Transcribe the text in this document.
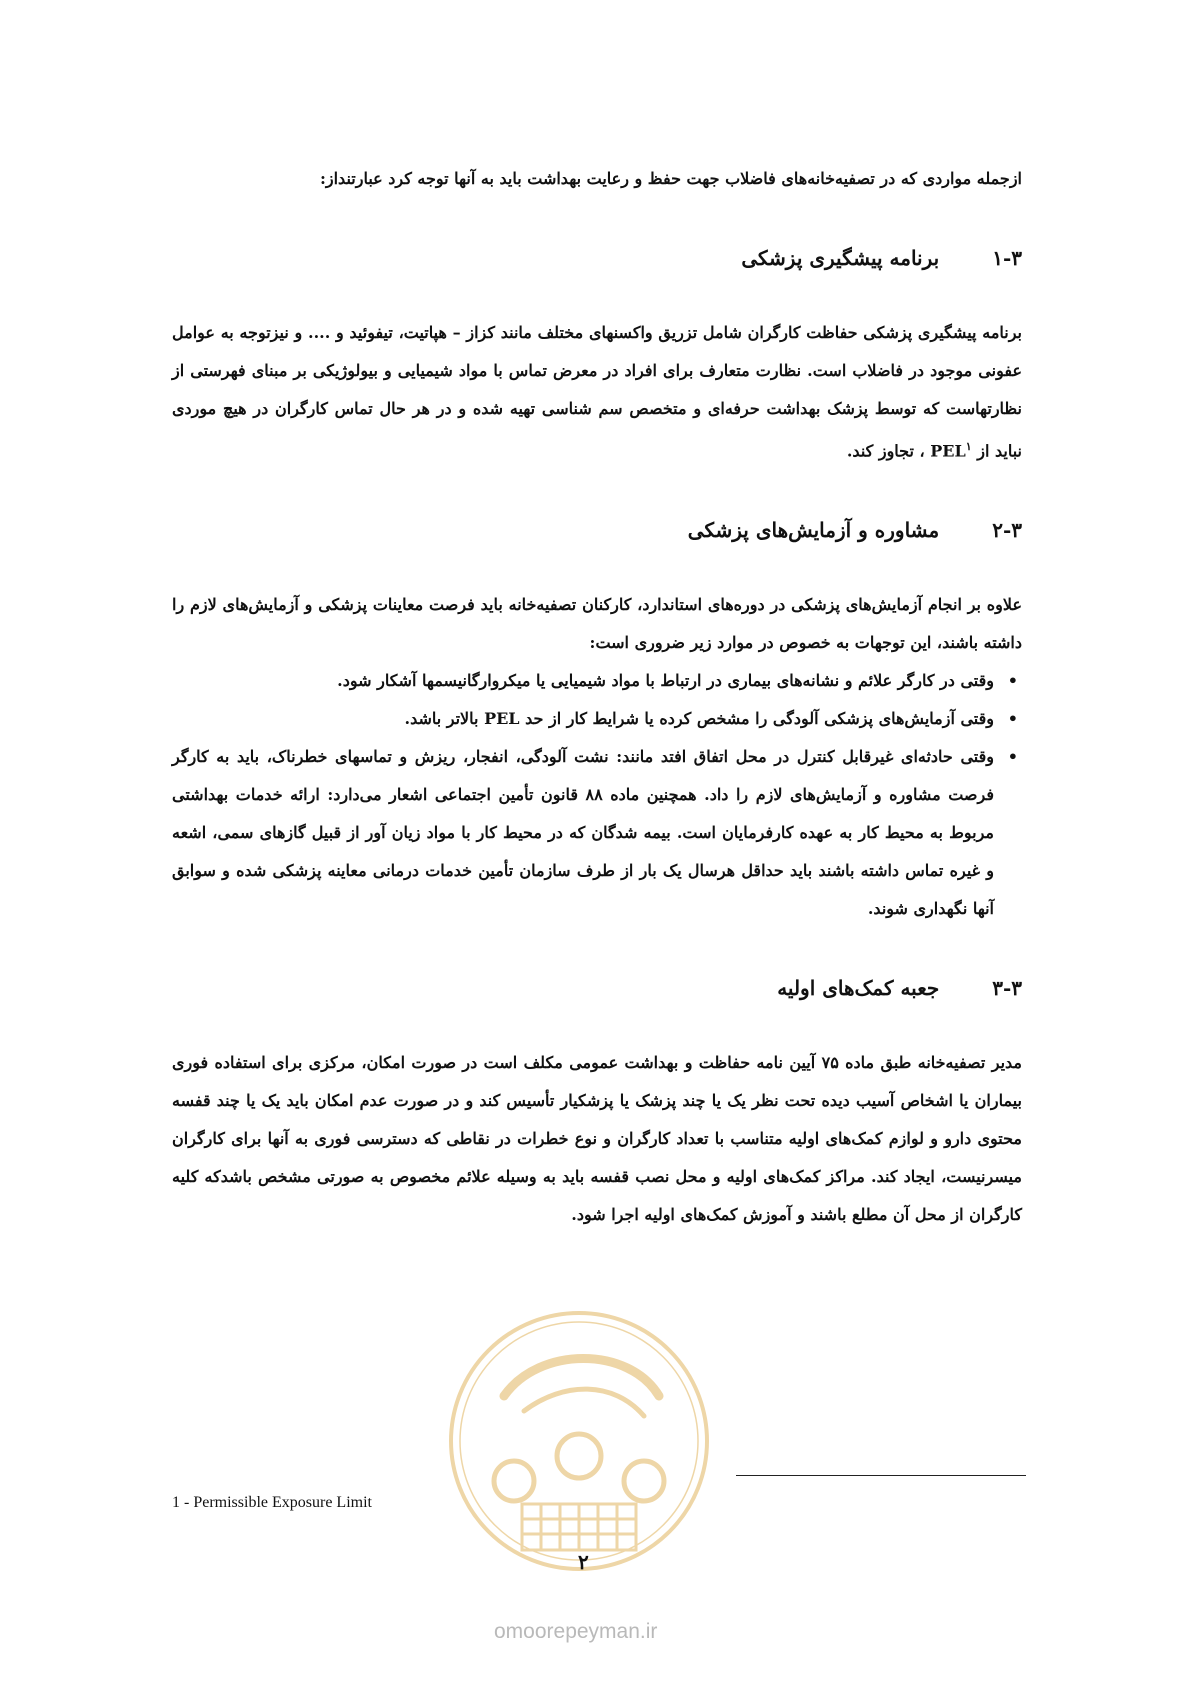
ازجمله مواردی که در تصفیه‌خانه‌های فاضلاب جهت حفظ و رعایت بهداشت باید به آنها توجه کرد عبارتنداز:

۱-۳ برنامه پیشگیری پزشکی

برنامه پیشگیری پزشکی حفاظت کارگران شامل تزریق واکسنهای مختلف مانند کزاز – هپاتیت، تیفوئید و .... و نیزتوجه به عوامل عفونی موجود در فاضلاب است. نظارت متعارف برای افراد در معرض تماس با مواد شیمیایی و بیولوژیکی بر مبنای فهرستی از نظارتهاست که توسط پزشک بهداشت حرفه‌ای و متخصص سم شناسی تهیه شده و در هر حال تماس کارگران در هیچ موردی نباید از PEL$^۱$ ، تجاوز کند.

۲-۳ مشاوره و آزمایش‌های پزشکی

علاوه بر انجام آزمایش‌های پزشکی در دوره‌های استاندارد، کارکنان تصفیه‌خانه باید فرصت معاینات پزشکی و آزمایش‌های لازم را داشته باشند، این توجهات به خصوص در موارد زیر ضروری است:

• وقتی در کارگر علائم و نشانه‌های بیماری در ارتباط با مواد شیمیایی یا میکروارگانیسمها آشکار شود.
• وقتی آزمایش‌های پزشکی آلودگی را مشخص کرده یا شرایط کار از حد PEL بالاتر باشد.
• وقتی حادثه‌ای غیرقابل کنترل در محل اتفاق افتد مانند: نشت آلودگی، انفجار، ریزش و تماسهای خطرناک، باید به کارگر فرصت مشاوره و آزمایش‌های لازم را داد. همچنین ماده ۸۸ قانون تأمین اجتماعی اشعار می‌دارد: ارائه خدمات بهداشتی مربوط به محیط کار به عهده کارفرمایان است. بیمه شدگان که در محیط کار با مواد زیان آور از قبیل گازهای سمی، اشعه و غیره تماس داشته باشند باید حداقل هرسال یک بار از طرف سازمان تأمین خدمات درمانی معاینه پزشکی شده و سوابق آنها نگهداری شوند.
۳-۳ جعبه کمک‌های اولیه

مدیر تصفیه‌خانه طبق ماده ۷۵ آیین نامه حفاظت و بهداشت عمومی مکلف است در صورت امکان، مرکزی برای استفاده فوری بیماران یا اشخاص آسیب دیده تحت نظر یک یا چند پزشک یا پزشکیار تأسیس کند و در صورت عدم امکان باید یک یا چند قفسه محتوی دارو و لوازم کمک‌های اولیه متناسب با تعداد کارگران و نوع خطرات در نقاطی که دسترسی فوری به آنها برای کارگران میسرنیست، ایجاد کند. مراکز کمک‌های اولیه و محل نصب قفسه باید به وسیله علائم مخصوص به صورتی مشخص باشدکه کلیه کارگران از محل آن مطلع باشند و آموزش کمک‌های اولیه اجرا شود.

1 - Permissible Exposure Limit
۲
omoorepeyman.ir
